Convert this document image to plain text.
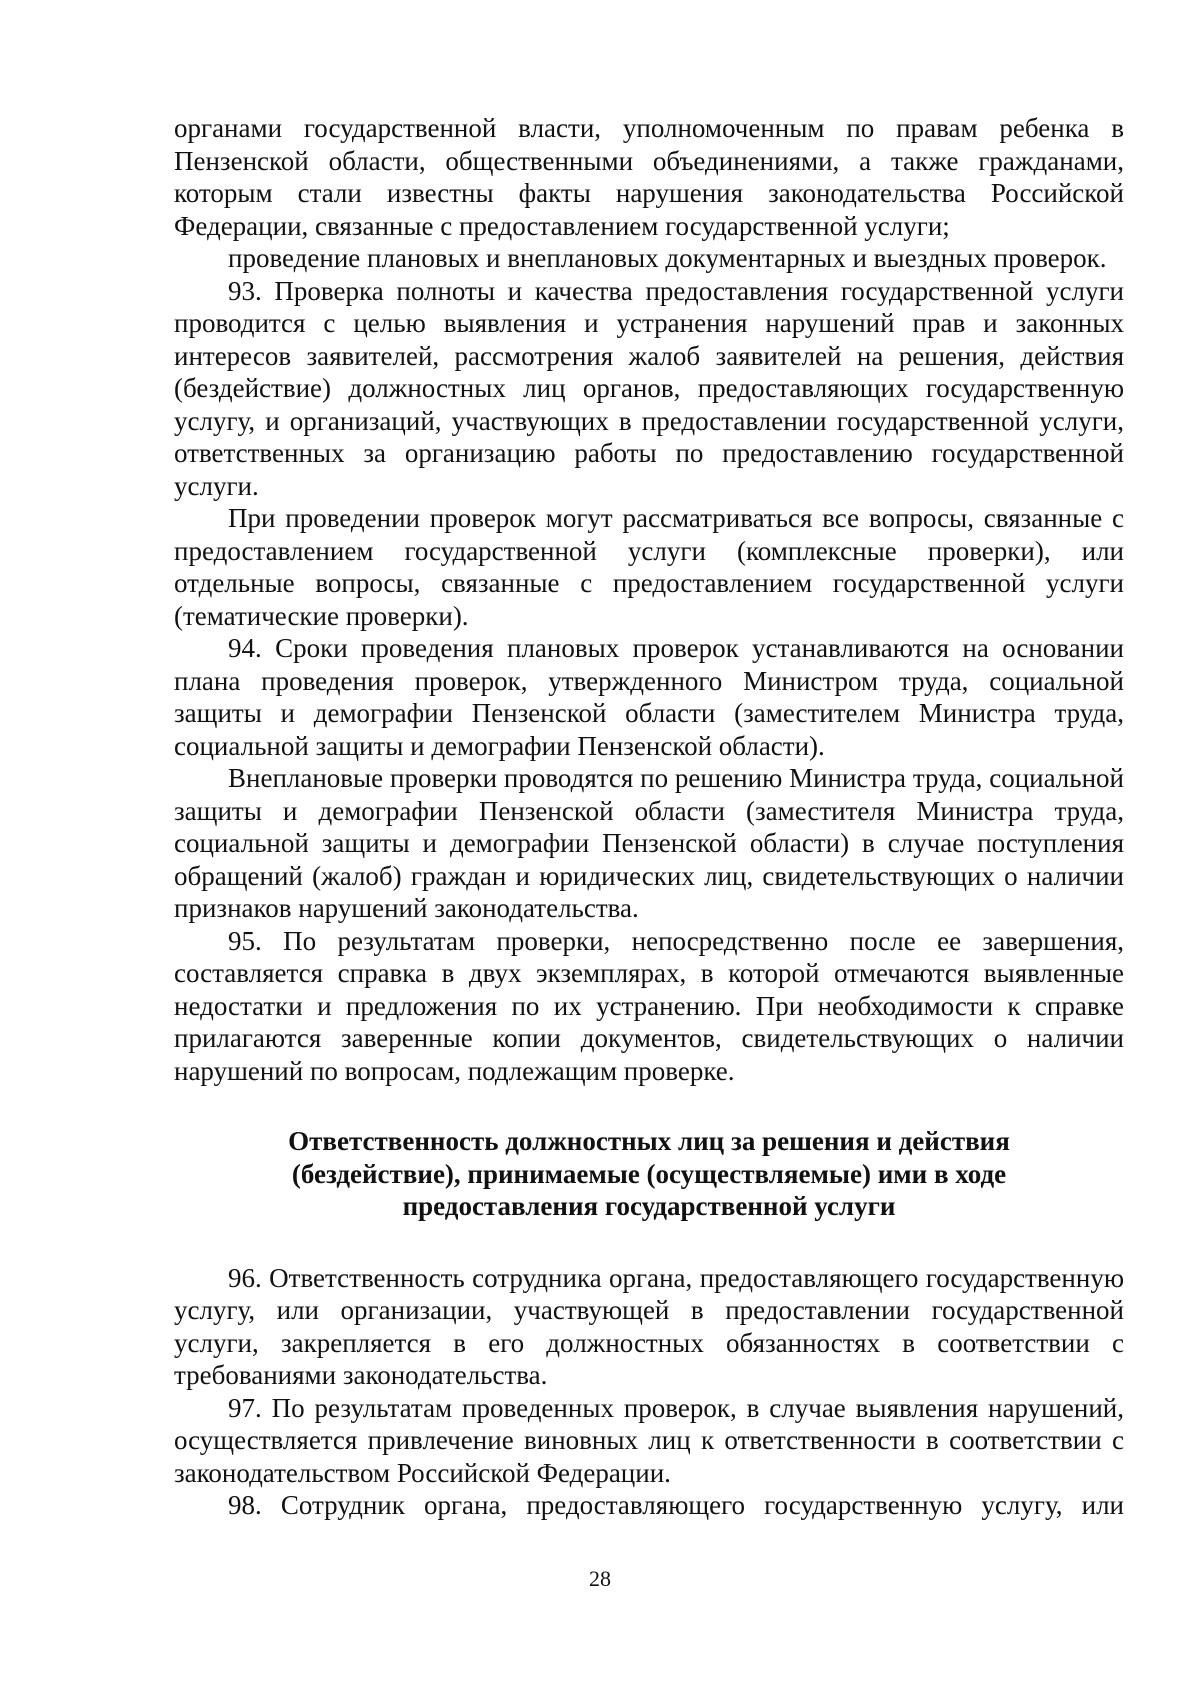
органами государственной власти, уполномоченным по правам ребенка в Пензенской области, общественными объединениями, а также гражданами, которым стали известны факты нарушения законодательства Российской Федерации, связанные с предоставлением государственной услуги;

проведение плановых и внеплановых документарных и выездных проверок.

93. Проверка полноты и качества предоставления государственной услуги проводится с целью выявления и устранения нарушений прав и законных интересов заявителей, рассмотрения жалоб заявителей на решения, действия (бездействие) должностных лиц органов, предоставляющих государственную услугу, и организаций, участвующих в предоставлении государственной услуги, ответственных за организацию работы по предоставлению государственной услуги.

При проведении проверок могут рассматриваться все вопросы, связанные с предоставлением государственной услуги (комплексные проверки), или отдельные вопросы, связанные с предоставлением государственной услуги (тематические проверки).

94. Сроки проведения плановых проверок устанавливаются на основании плана проведения проверок, утвержденного Министром труда, социальной защиты и демографии Пензенской области (заместителем Министра труда, социальной защиты и демографии Пензенской области).

Внеплановые проверки проводятся по решению Министра труда, социальной защиты и демографии Пензенской области (заместителя Министра труда, социальной защиты и демографии Пензенской области) в случае поступления обращений (жалоб) граждан и юридических лиц, свидетельствующих о наличии признаков нарушений законодательства.

95. По результатам проверки, непосредственно после ее завершения, составляется справка в двух экземплярах, в которой отмечаются выявленные недостатки и предложения по их устранению. При необходимости к справке прилагаются заверенные копии документов, свидетельствующих о наличии нарушений по вопросам, подлежащим проверке.

Ответственность должностных лиц за решения и действия (бездействие), принимаемые (осуществляемые) ими в ходе предоставления государственной услуги

96. Ответственность сотрудника органа, предоставляющего государственную услугу, или организации, участвующей в предоставлении государственной услуги, закрепляется в его должностных обязанностях в соответствии с требованиями законодательства.

97. По результатам проведенных проверок, в случае выявления нарушений, осуществляется привлечение виновных лиц к ответственности в соответствии с законодательством Российской Федерации.

98. Сотрудник органа, предоставляющего государственную услугу, или

28
